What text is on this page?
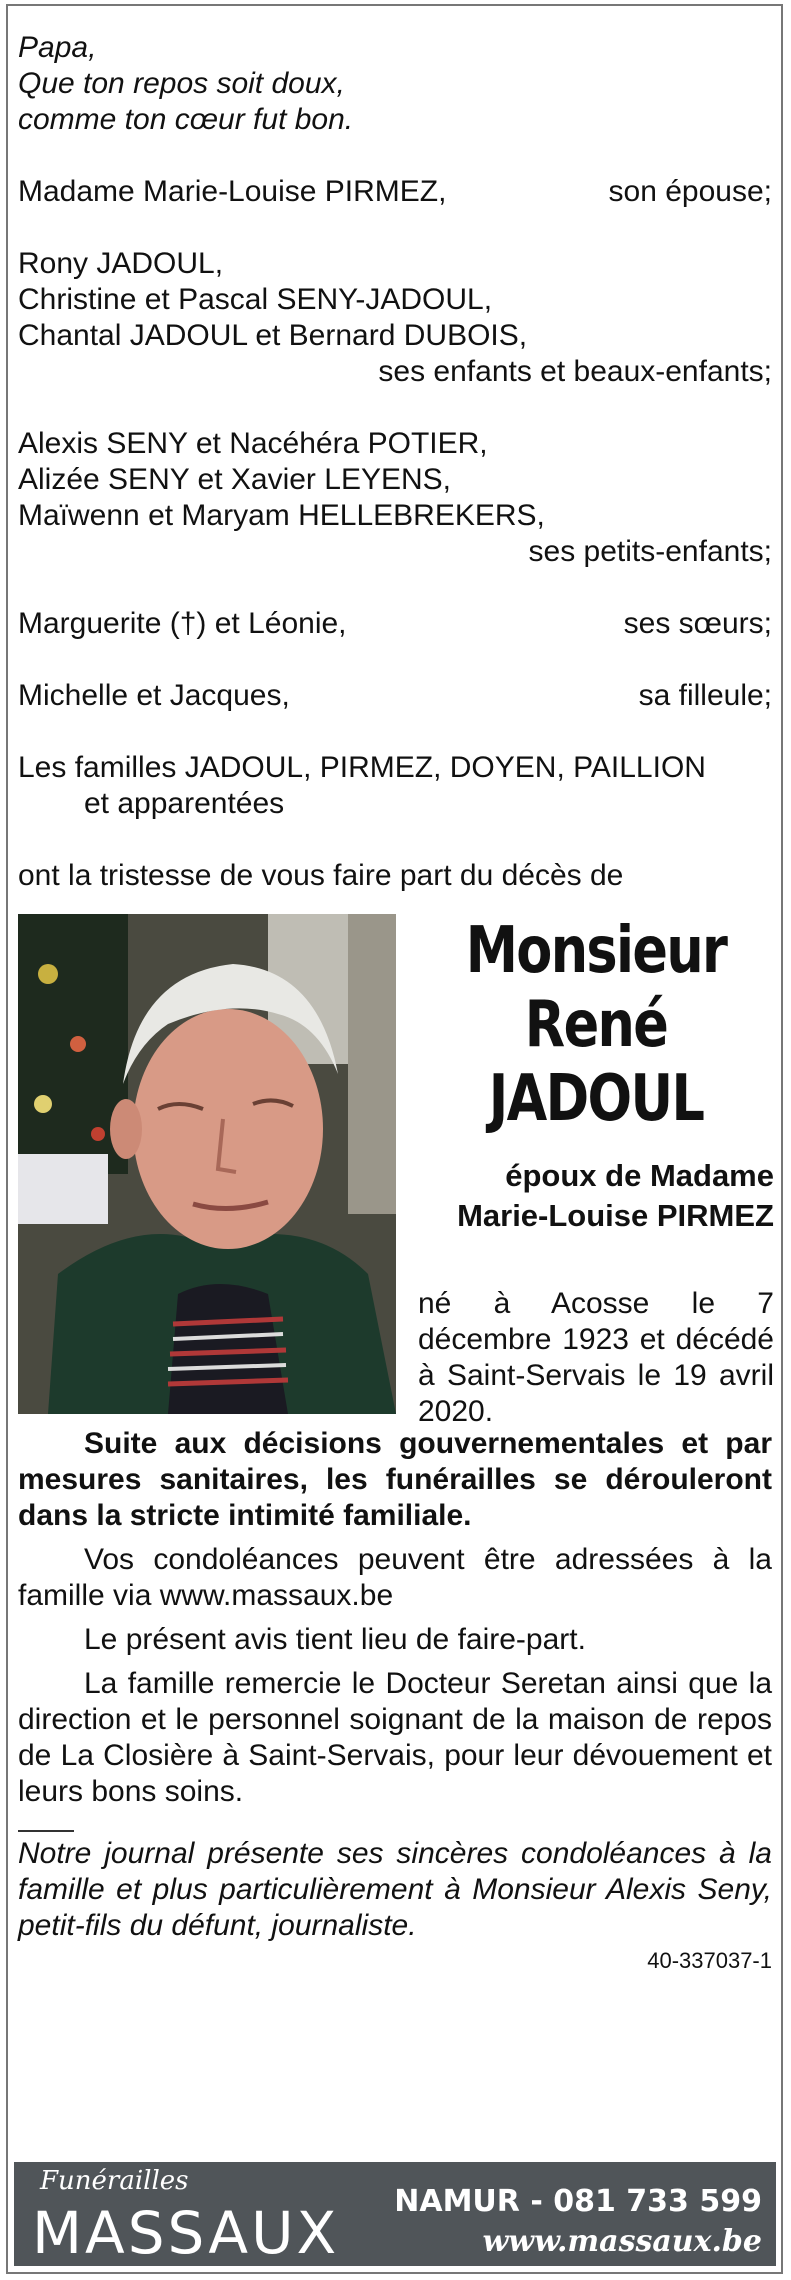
Papa,
Que ton repos soit doux,
comme ton cœur fut bon.
Madame Marie-Louise PIRMEZ,	son épouse;
Rony JADOUL,
Christine et Pascal SENY-JADOUL,
Chantal JADOUL et Bernard DUBOIS,
ses enfants et beaux-enfants;
Alexis SENY et Nacéhéra POTIER,
Alizée SENY et Xavier LEYENS,
Maïwenn et Maryam HELLEBREKERS,
ses petits-enfants;
Marguerite (†) et Léonie,	ses sœurs;
Michelle et Jacques,	sa filleule;
Les familles JADOUL, PIRMEZ, DOYEN, PAILLION
et apparentées
ont la tristesse de vous faire part du décès de
Monsieur
René
JADOUL
époux de Madame
Marie-Louise PIRMEZ
né à Acosse le 7 décembre 1923 et décédé à Saint-Servais le 19 avril 2020.
Suite aux décisions gouvernementales et par mesures sanitaires, les funérailles se dérouleront dans la stricte intimité familiale.
Vos condoléances peuvent être adressées à la famille via www.massaux.be
Le présent avis tient lieu de faire-part.
La famille remercie le Docteur Seretan ainsi que la direction et le personnel soignant de la maison de repos de La Closière à Saint-Servais, pour leur dévouement et leurs bons soins.
Notre journal présente ses sincères condoléances à la famille et plus particulièrement à Monsieur Alexis Seny, petit-fils du défunt, journaliste.
40-337037-1
Funérailles
MASSAUX NAMUR - 081 733 599
www.massaux.be
